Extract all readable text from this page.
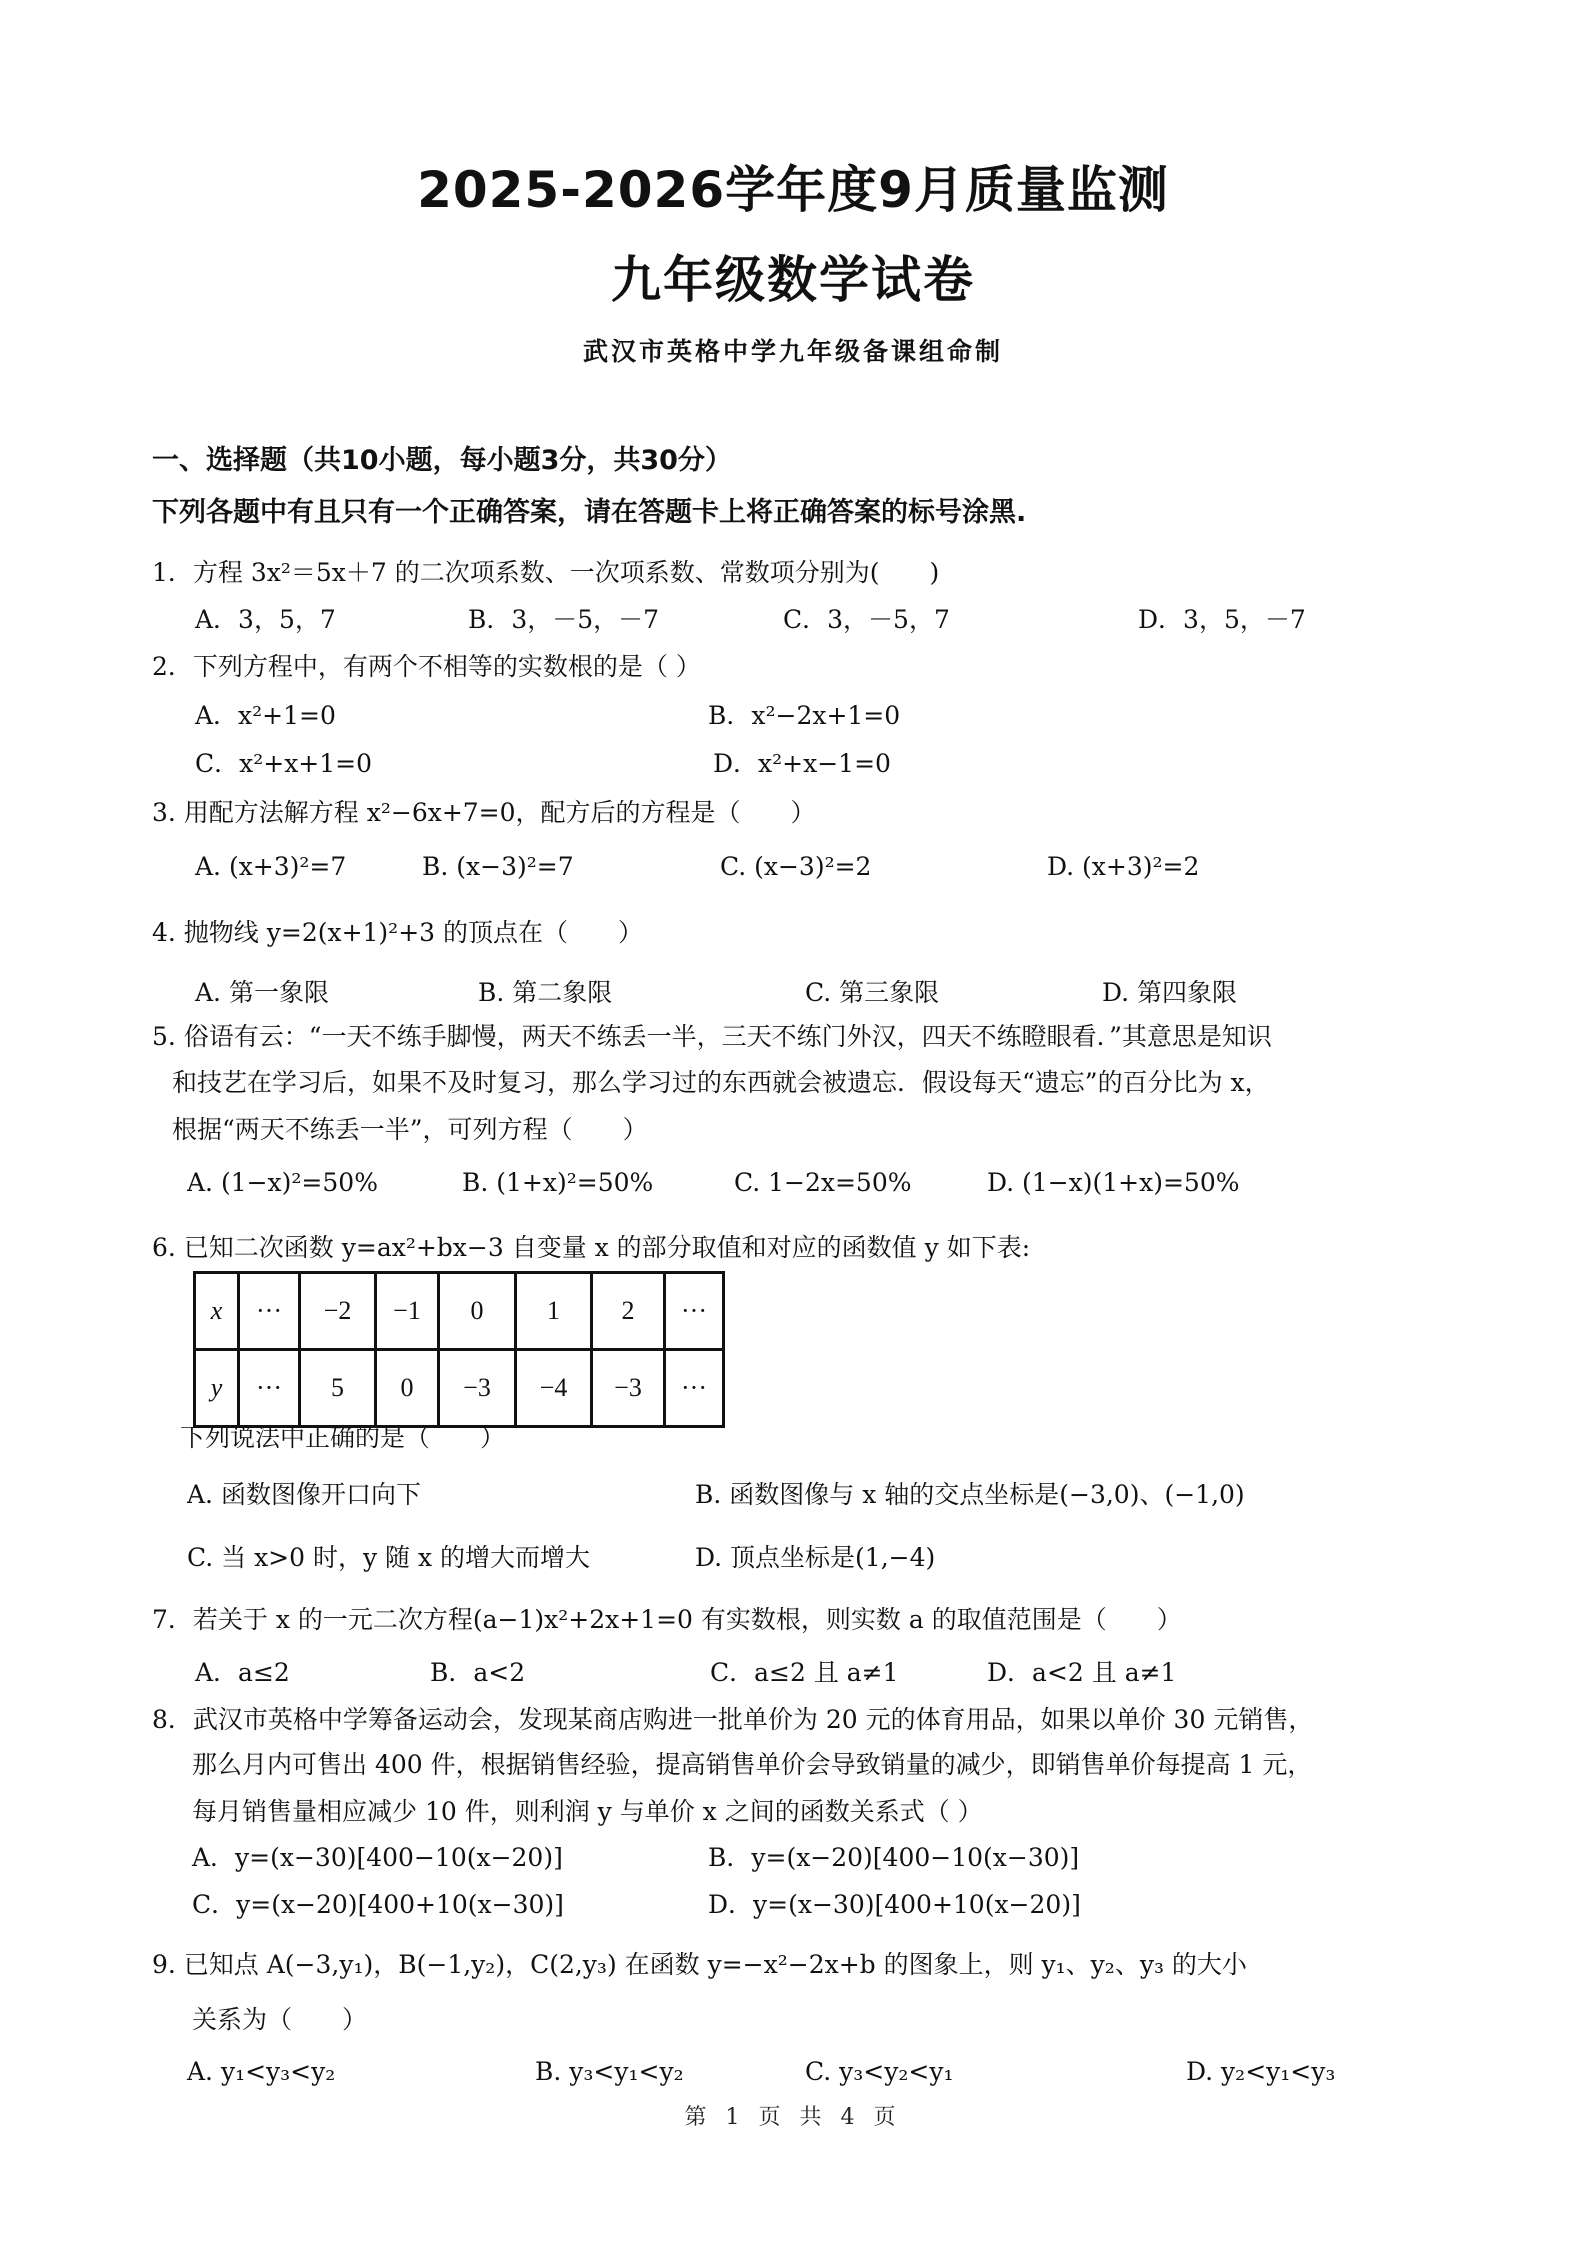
2025-2026学年度9月质量监测
九年级数学试卷
武汉市英格中学九年级备课组命制
一、选择题（共10小题，每小题3分，共30分）
下列各题中有且只有一个正确答案，请在答题卡上将正确答案的标号涂黑.
1．方程 3x²＝5x＋7 的二次项系数、一次项系数、常数项分别为(　　)
A．3，5，7	B．3，－5，－7	C．3，－5，7	D．3，5，－7
2．下列方程中，有两个不相等的实数根的是（ ）
A．x²+1=0	B．x²−2x+1=0
C．x²+x+1=0	D．x²+x−1=0
3. 用配方法解方程 x²−6x+7=0，配方后的方程是（　　）
A. (x+3)²=7	B. (x−3)²=7	C. (x−3)²=2	D. (x+3)²=2
4. 抛物线 y=2(x+1)²+3 的顶点在（　　）
A. 第一象限	B. 第二象限	C. 第三象限	D. 第四象限
5. 俗语有云：“一天不练手脚慢，两天不练丢一半，三天不练门外汉，四天不练瞪眼看．”其意思是知识
和技艺在学习后，如果不及时复习，那么学习过的东西就会被遗忘．假设每天“遗忘”的百分比为 x，
根据“两天不练丢一半”，可列方程（　　）
A. (1−x)²=50%	B. (1+x)²=50%	C. 1−2x=50%	D. (1−x)(1+x)=50%
6. 已知二次函数 y=ax²+bx−3 自变量 x 的部分取值和对应的函数值 y 如下表:
x	···	−2	−1	0	1	2	···
y	···	5	0	−3	−4	−3	···
下列说法中正确的是（　　）
A. 函数图像开口向下	B. 函数图像与 x 轴的交点坐标是(−3,0)、(−1,0)
C. 当 x>0 时，y 随 x 的增大而增大	D. 顶点坐标是(1,−4)
7．若关于 x 的一元二次方程(a−1)x²+2x+1=0 有实数根，则实数 a 的取值范围是（　　）
A．a≤2	B．a<2	C．a≤2 且 a≠1	D．a<2 且 a≠1
8．武汉市英格中学筹备运动会，发现某商店购进一批单价为 20 元的体育用品，如果以单价 30 元销售，
那么月内可售出 400 件，根据销售经验，提高销售单价会导致销量的减少，即销售单价每提高 1 元，
每月销售量相应减少 10 件，则利润 y 与单价 x 之间的函数关系式（ ）
A．y=(x−30)[400−10(x−20)]	B．y=(x−20)[400−10(x−30)]
C．y=(x−20)[400+10(x−30)]	D．y=(x−30)[400+10(x−20)]
9. 已知点 A(−3,y₁)，B(−1,y₂)，C(2,y₃) 在函数 y=−x²−2x+b 的图象上，则 y₁、y₂、y₃ 的大小
关系为（　　）
A. y₁<y₃<y₂	B. y₃<y₁<y₂	C. y₃<y₂<y₁	D. y₂<y₁<y₃
第 1 页 共 4 页
